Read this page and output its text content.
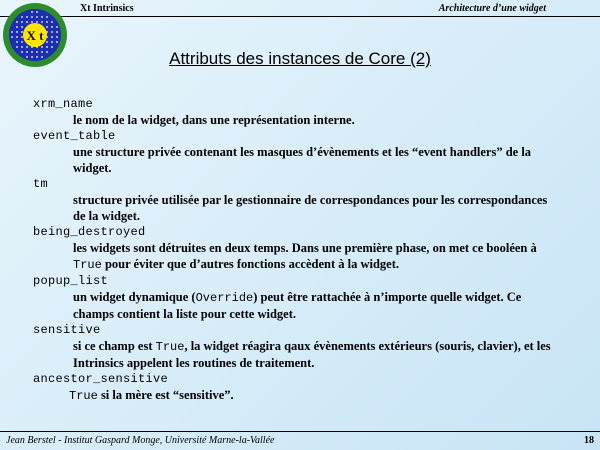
Xt Intrinsics	Architecture d’une widget
X t
Attributs des instances de Core (2)
xrm_name
le nom de la widget, dans une représentation interne.
event_table
une structure privée contenant les masques d’évènements et les “event handlers” de la
widget.
tm
structure privée utilisée par le gestionnaire de correspondances pour les correspondances
de la widget.
being_destroyed
les widgets sont détruites en deux temps. Dans une première phase, on met ce booléen à
True pour éviter que d’autres fonctions accèdent à la widget.
popup_list
un widget dynamique (Override) peut être rattachée à n’importe quelle widget. Ce
champs contient la liste pour cette widget.
sensitive
si ce champ est True, la widget réagira qaux évènements extérieurs (souris, clavier), et les
Intrinsics appelent les routines de traitement.
ancestor_sensitive
True si la mère est “sensitive”.
Jean Berstel - Institut Gaspard Monge, Université Marne-la-Vallée	18
